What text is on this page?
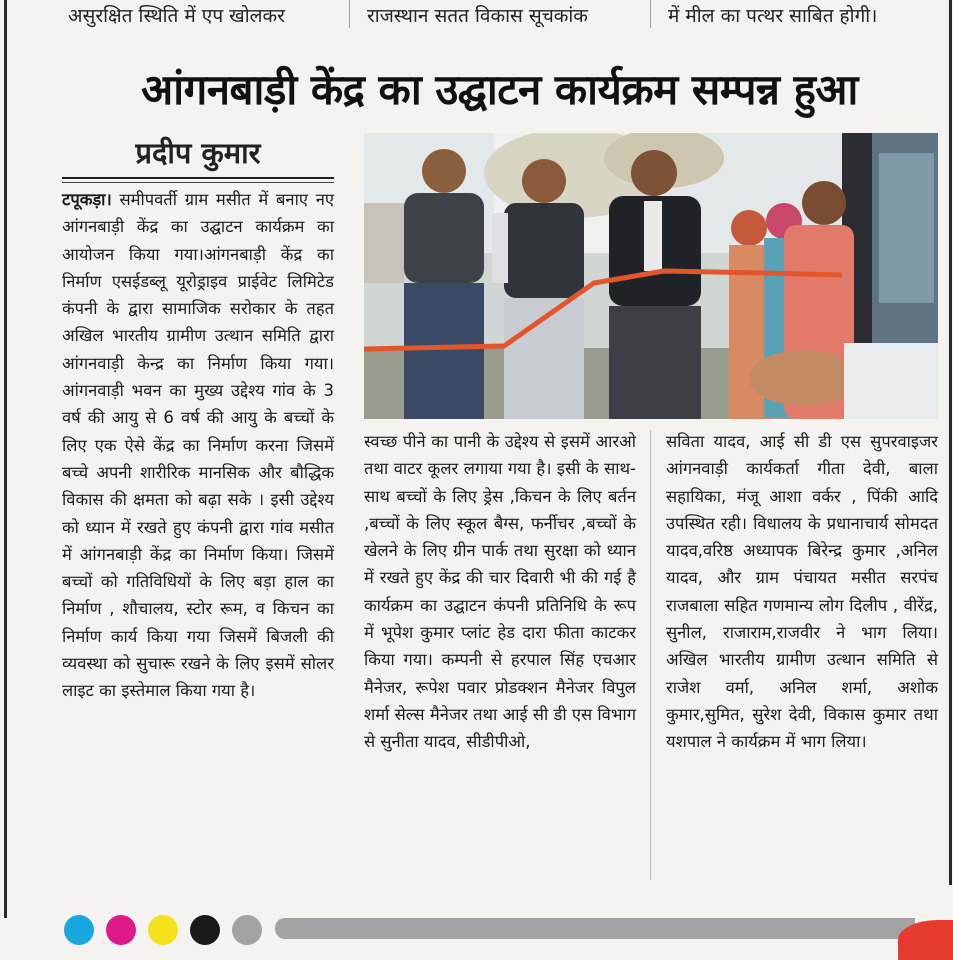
असुरक्षित स्थिति में एप खोलकर	राजस्थान सतत विकास सूचकांक	में मील का पत्थर साबित होगी।
आंगनबाड़ी केंद्र का उद्घाटन कार्यक्रम सम्पन्न हुआ
प्रदीप कुमार
टपूकड़ा। समीपवर्ती ग्राम मसीत में बनाए नए आंगनबाड़ी केंद्र का उद्घाटन कार्यक्रम का आयोजन किया गया।आंगनबाड़ी केंद्र का निर्माण एसईडब्लू यूरोड्राइव प्राईवेट लिमिटेड कंपनी के द्वारा सामाजिक सरोकार के तहत अखिल भारतीय ग्रामीण उत्थान समिति द्वारा आंगनवाड़ी केन्द्र का निर्माण किया गया। आंगनवाड़ी भवन का मुख्य उद्देश्य गांव के 3 वर्ष की आयु से 6 वर्ष की आयु के बच्चों के लिए एक ऐसे केंद्र का निर्माण करना जिसमें बच्चे अपनी शारीरिक मानसिक और बौद्धिक विकास की क्षमता को बढ़ा सके । इसी उद्देश्य को ध्यान में रखते हुए कंपनी द्वारा गांव मसीत में आंगनबाड़ी केंद्र का निर्माण किया। जिसमें बच्चों को गतिविधियों के लिए बड़ा हाल का निर्माण , शौचालय, स्टोर रूम, व किचन का निर्माण कार्य किया गया जिसमें बिजली की व्यवस्था को सुचारू रखने के लिए इसमें सोलर लाइट का इस्तेमाल किया गया है।
स्वच्छ पीने का पानी के उद्देश्य से इसमें आरओ तथा वाटर कूलर लगाया गया है। इसी के साथ-साथ बच्चों के लिए ड्रेस ,किचन के लिए बर्तन ,बच्चों के लिए स्कूल बैग्स, फर्नीचर ,बच्चों के खेलने के लिए ग्रीन पार्क तथा सुरक्षा को ध्यान में रखते हुए केंद्र की चार दिवारी भी की गई है कार्यक्रम का उद्घाटन कंपनी प्रतिनिधि के रूप में भूपेश कुमार प्लांट हेड दारा फीता काटकर किया गया। कम्पनी से हरपाल सिंह एचआर मैनेजर, रूपेश पवार प्रोडक्शन मैनेजर विपुल शर्मा सेल्स मैनेजर तथा आई सी डी एस विभाग से सुनीता यादव, सीडीपीओ,
सविता यादव, आई सी डी एस सुपरवाइजर आंगनवाड़ी कार्यकर्ता गीता देवी, बाला सहायिका, मंजू आशा वर्कर , पिंकी आदि उपस्थित रही। विधालय के प्रधानाचार्य सोमदत यादव,वरिष्ठ अध्यापक बिरेन्द्र कुमार ,अनिल यादव, और ग्राम पंचायत मसीत सरपंच राजबाला सहित गणमान्य लोग दिलीप , वीरेंद्र, सुनील, राजाराम,राजवीर ने भाग लिया। अखिल भारतीय ग्रामीण उत्थान समिति से राजेश वर्मा, अनिल शर्मा, अशोक कुमार,सुमित, सुरेश देवी, विकास कुमार तथा यशपाल ने कार्यक्रम में भाग लिया।
